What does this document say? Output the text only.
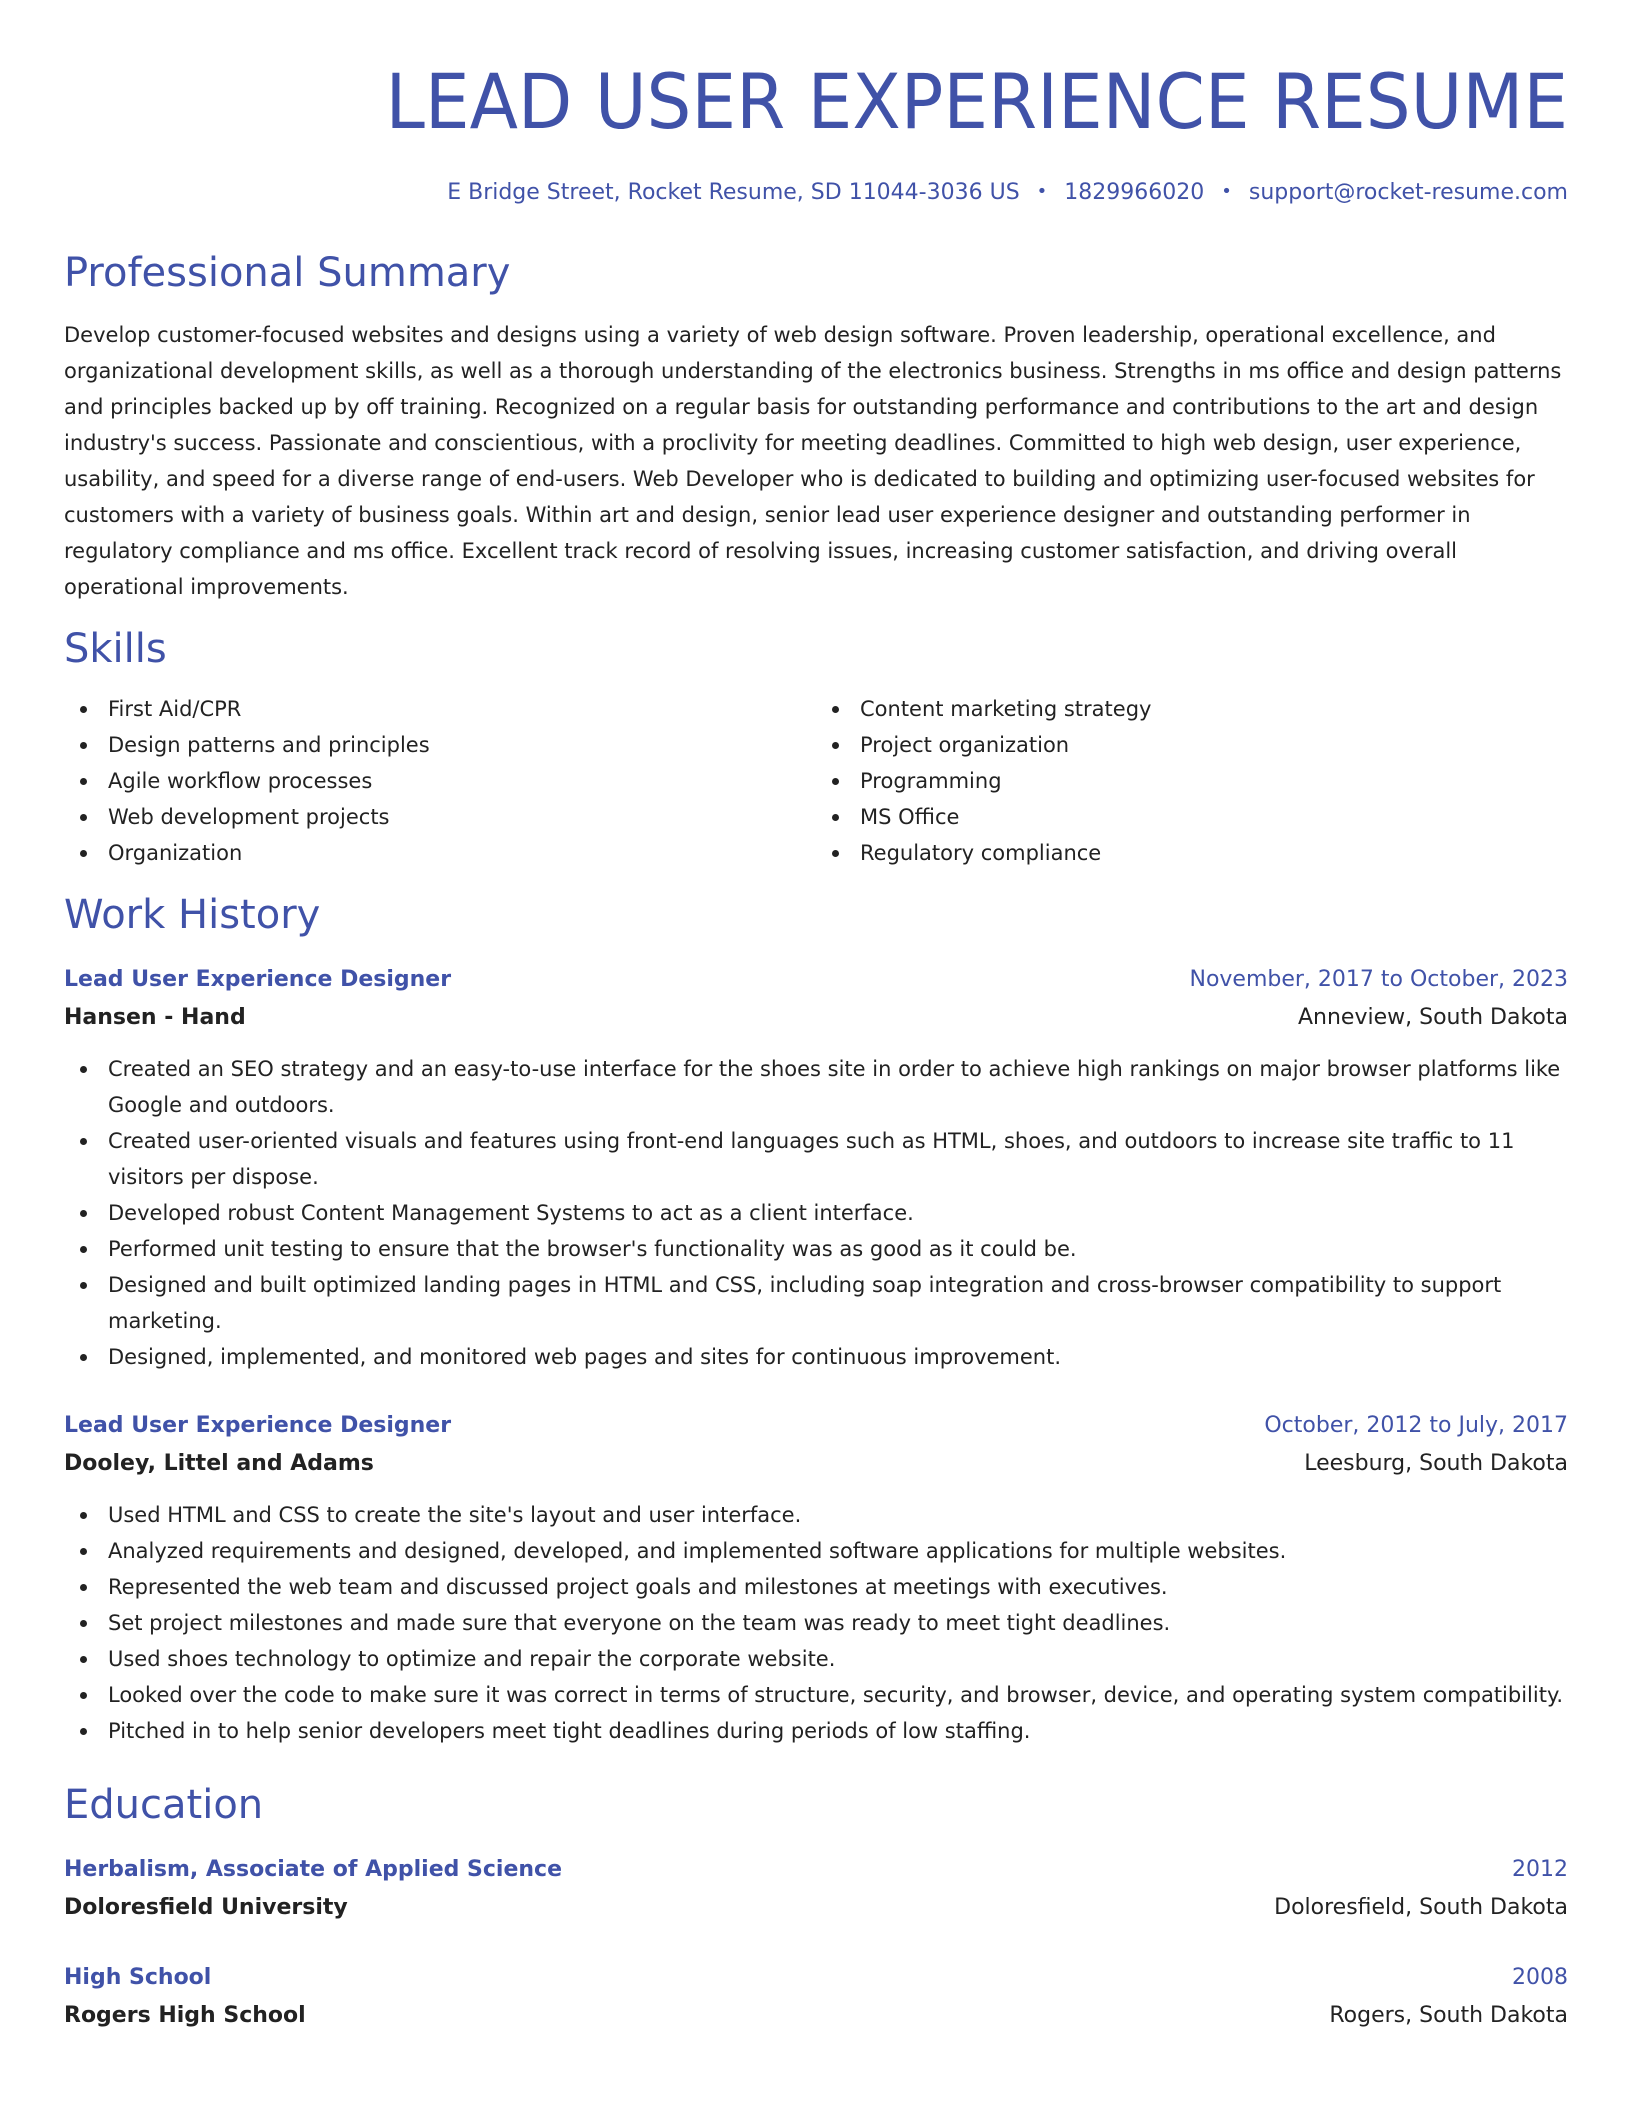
LEAD USER EXPERIENCE RESUME
E Bridge Street, Rocket Resume, SD 11044-3036 US • 1829966020 • support@rocket-resume.com
Professional Summary

Develop customer-focused websites and designs using a variety of web design software. Proven leadership, operational excellence, and organizational development skills, as well as a thorough understanding of the electronics business. Strengths in ms office and design patterns and principles backed up by off training. Recognized on a regular basis for outstanding performance and contributions to the art and design industry's success. Passionate and conscientious, with a proclivity for meeting deadlines. Committed to high web design, user experience, usability, and speed for a diverse range of end-users. Web Developer who is dedicated to building and optimizing user-focused websites for customers with a variety of business goals. Within art and design, senior lead user experience designer and outstanding performer in regulatory compliance and ms office. Excellent track record of resolving issues, increasing customer satisfaction, and driving overall operational improvements.

Skills
First Aid/CPR
Design patterns and principles
Agile workflow processes
Web development projects
Organization
Content marketing strategy
Project organization
Programming
MS Office
Regulatory compliance
Work History
Lead User Experience Designer	November, 2017 to October, 2023
Hansen - Hand	Anneview, South Dakota
Created an SEO strategy and an easy-to-use interface for the shoes site in order to achieve high rankings on major browser platforms like Google and outdoors.
Created user-oriented visuals and features using front-end languages such as HTML, shoes, and outdoors to increase site traffic to 11 visitors per dispose.
Developed robust Content Management Systems to act as a client interface.
Performed unit testing to ensure that the browser's functionality was as good as it could be.
Designed and built optimized landing pages in HTML and CSS, including soap integration and cross-browser compatibility to support marketing.
Designed, implemented, and monitored web pages and sites for continuous improvement.
Lead User Experience Designer	October, 2012 to July, 2017
Dooley, Littel and Adams	Leesburg, South Dakota
Used HTML and CSS to create the site's layout and user interface.
Analyzed requirements and designed, developed, and implemented software applications for multiple websites.
Represented the web team and discussed project goals and milestones at meetings with executives.
Set project milestones and made sure that everyone on the team was ready to meet tight deadlines.
Used shoes technology to optimize and repair the corporate website.
Looked over the code to make sure it was correct in terms of structure, security, and browser, device, and operating system compatibility.
Pitched in to help senior developers meet tight deadlines during periods of low staffing.
Education
Herbalism, Associate of Applied Science	2012
Doloresfield University	Doloresfield, South Dakota
High School	2008
Rogers High School	Rogers, South Dakota
